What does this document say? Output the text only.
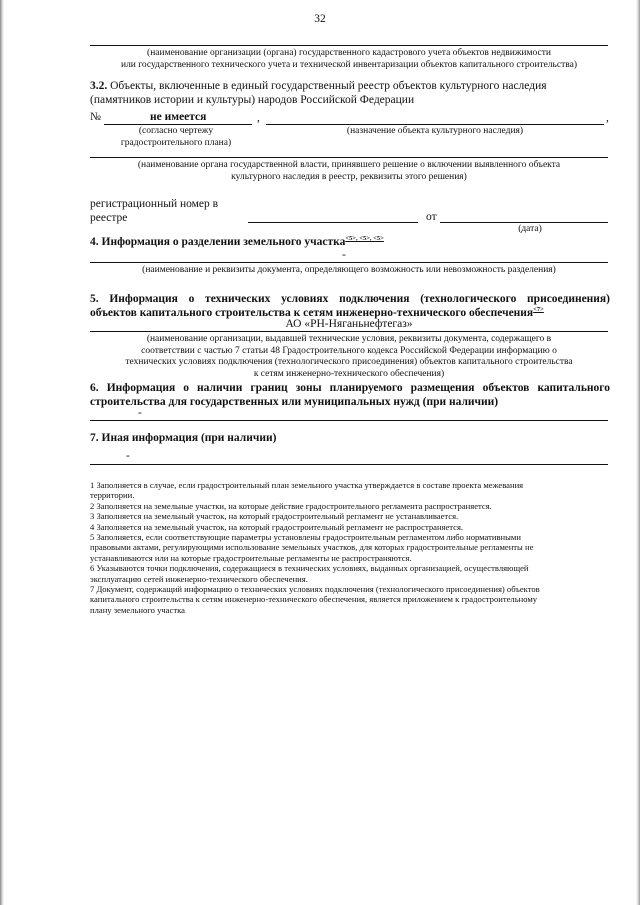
32
(наименование организации (органа) государственного кадастрового учета объектов недвижимости
или государственного технического учета и технической инвентаризации объектов капитального строительства)
3.2. Объекты, включенные в единый государственный реестр объектов культурного наследия
(памятников истории и культуры) народов Российской Федерации
№	не имеется	,	,
(согласно чертежу
градостроительного плана)
(назначение объекта культурного наследия)
(наименование органа государственной власти, принявшего решение о включении выявленного объекта
культурного наследия в реестр, реквизиты этого решения)
регистрационный номер в
реестре	от
(дата)
4. Информация о разделении земельного участка$^{<5>, <5>, <5>}$
-
(наименование и реквизиты документа, определяющего возможность или невозможность разделения)
5. Информация о технических условиях подключения (технологического присоединения)
объектов капитального строительства к сетям инженерно-технического обеспечения$^{<7>}$
АО «РН-Няганьнефтегаз»
(наименование организации, выдавшей технические условия, реквизиты документа, содержащего в
соответствии с частью 7 статьи 48 Градостроительного кодекса Российской Федерации информацию о
технических условиях подключения (технологического присоединения) объектов капитального строительства
к сетям инженерно-технического обеспечения)
6. Информация о наличии границ зоны планируемого размещения объектов капитального
строительства для государственных или муниципальных нужд (при наличии)
-
7. Иная информация (при наличии)
-
1 Заполняется в случае, если градостроительный план земельного участка утверждается в составе проекта межевания
территории.
2 Заполняется на земельные участки, на которые действие градостроительного регламента распространяется.
3 Заполняется на земельный участок, на который градостроительный регламент не устанавливается.
4 Заполняется на земельный участок, на который градостроительный регламент не распространяется.
5 Заполняется, если соответствующие параметры установлены градостроительным регламентом либо нормативными
правовыми актами, регулирующими использование земельных участков, для которых градостроительные регламенты не
устанавливаются или на которые градостроительные регламенты не распространяются.
6 Указываются точки подключения, содержащиеся в технических условиях, выданных организацией, осуществляющей
эксплуатацию сетей инженерно-технического обеспечения.
7 Документ, содержащий информацию о технических условиях подключения (технологического присоединения) объектов
капитального строительства к сетям инженерно-технического обеспечения, является приложением к градостроительному
плану земельного участка
